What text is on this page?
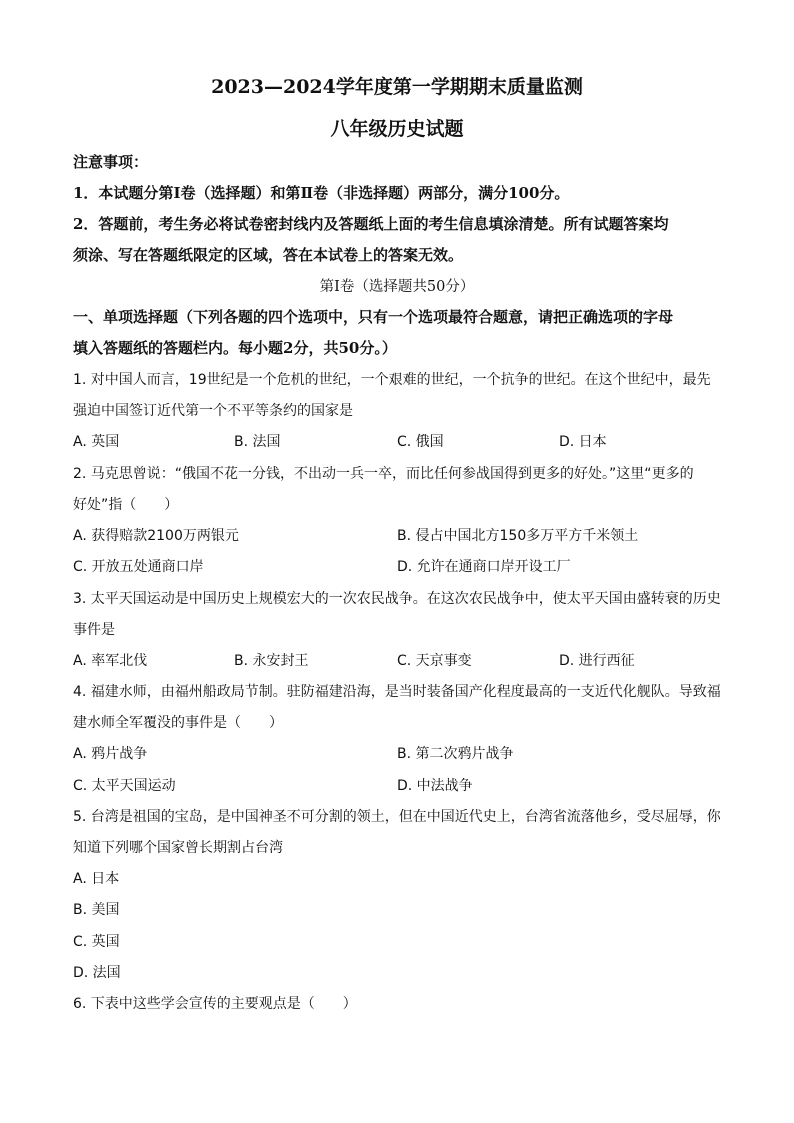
2023—2024学年度第一学期期末质量监测
八年级历史试题
注意事项：
1．本试题分第Ⅰ卷（选择题）和第Ⅱ卷（非选择题）两部分，满分100分。
2．答题前，考生务必将试卷密封线内及答题纸上面的考生信息填涂清楚。所有试题答案均
须涂、写在答题纸限定的区域，答在本试卷上的答案无效。
第Ⅰ卷（选择题共50分）
一、单项选择题（下列各题的四个选项中，只有一个选项最符合题意，请把正确选项的字母
填入答题纸的答题栏内。每小题2分，共50分。）
1. 对中国人而言，19世纪是一个危机的世纪，一个艰难的世纪，一个抗争的世纪。在这个世纪中，最先
强迫中国签订近代第一个不平等条约的国家是
A. 英国	B. 法国	C. 俄国	D. 日本
2. 马克思曾说：“俄国不花一分钱，不出动一兵一卒，而比任何参战国得到更多的好处。”这里“更多的
好处”指（　　）
A. 获得赔款2100万两银元	B. 侵占中国北方150多万平方千米领土
C. 开放五处通商口岸	D. 允许在通商口岸开设工厂
3. 太平天国运动是中国历史上规模宏大的一次农民战争。在这次农民战争中，使太平天国由盛转衰的历史
事件是
A. 率军北伐	B. 永安封王	C. 天京事变	D. 进行西征
4. 福建水师，由福州船政局节制。驻防福建沿海，是当时装备国产化程度最高的一支近代化舰队。导致福
建水师全军覆没的事件是（　　）
A. 鸦片战争	B. 第二次鸦片战争
C. 太平天国运动	D. 中法战争
5. 台湾是祖国的宝岛，是中国神圣不可分割的领土，但在中国近代史上，台湾省流落他乡，受尽屈辱，你
知道下列哪个国家曾长期割占台湾
A. 日本
B. 美国
C. 英国
D. 法国
6. 下表中这些学会宣传的主要观点是（　　）
